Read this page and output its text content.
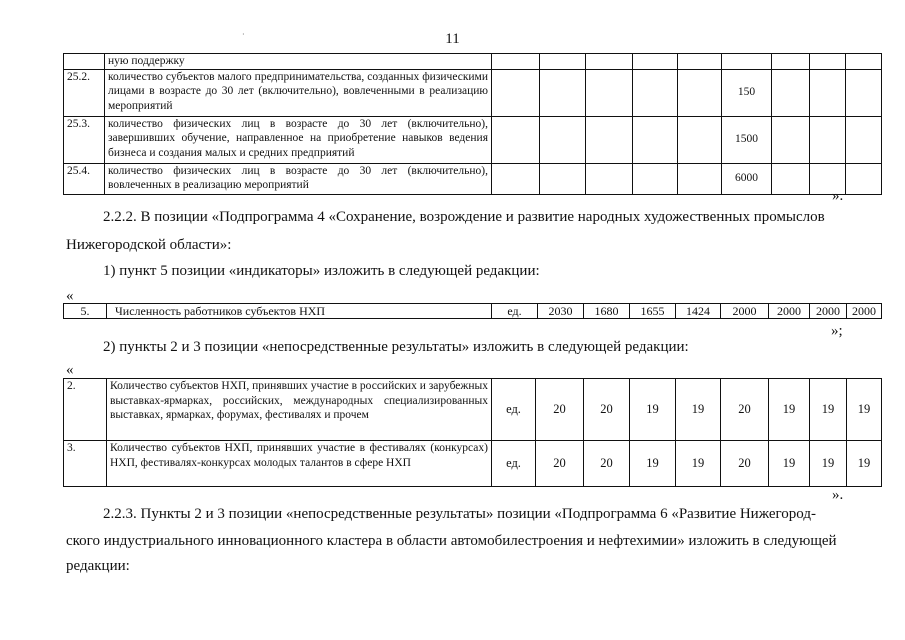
·	11
	ную поддержку									
25.2.	количество субъектов малого предпринимательства, созданных физическими лицами в возрасте до 30 лет (включительно), вовлеченными в реализацию мероприятий						150			
25.3.	количество физических лиц в возрасте до 30 лет (включительно), завершивших обучение, направленное на приобретение навыков ведения бизнеса и создания малых и средних предприятий						1500			
25.4.	количество физических лиц в возрасте до 30 лет (включительно), вовлеченных в реализацию мероприятий						6000			
».
2.2.2. В позиции «Подпрограмма 4 «Сохранение, возрождение и развитие народных художественных промыслов
Нижегородской области»:
1) пункт 5 позиции «индикаторы» изложить в следующей редакции:
«
5.	Численность работников субъектов НХП	ед.	2030	1680	1655	1424	2000	2000	2000	2000
»;
2) пункты 2 и 3 позиции «непосредственные результаты» изложить в следующей редакции:
«
2.	Количество субъектов НХП, принявших участие в российских и зарубежных выставках-ярмарках, российских, международных специализированных выставках, ярмарках, форумах, фестивалях и прочем	ед.	20	20	19	19	20	19	19	19
3.	Количество субъектов НХП, принявших участие в фестивалях (конкурсах) НХП, фестивалях-конкурсах молодых талантов в сфере НХП	ед.	20	20	19	19	20	19	19	19
».
2.2.3. Пункты 2 и 3 позиции «непосредственные результаты» позиции «Подпрограмма 6 «Развитие Нижегород-
ского индустриального инновационного кластера в области автомобилестроения и нефтехимии» изложить в следующей
редакции:
